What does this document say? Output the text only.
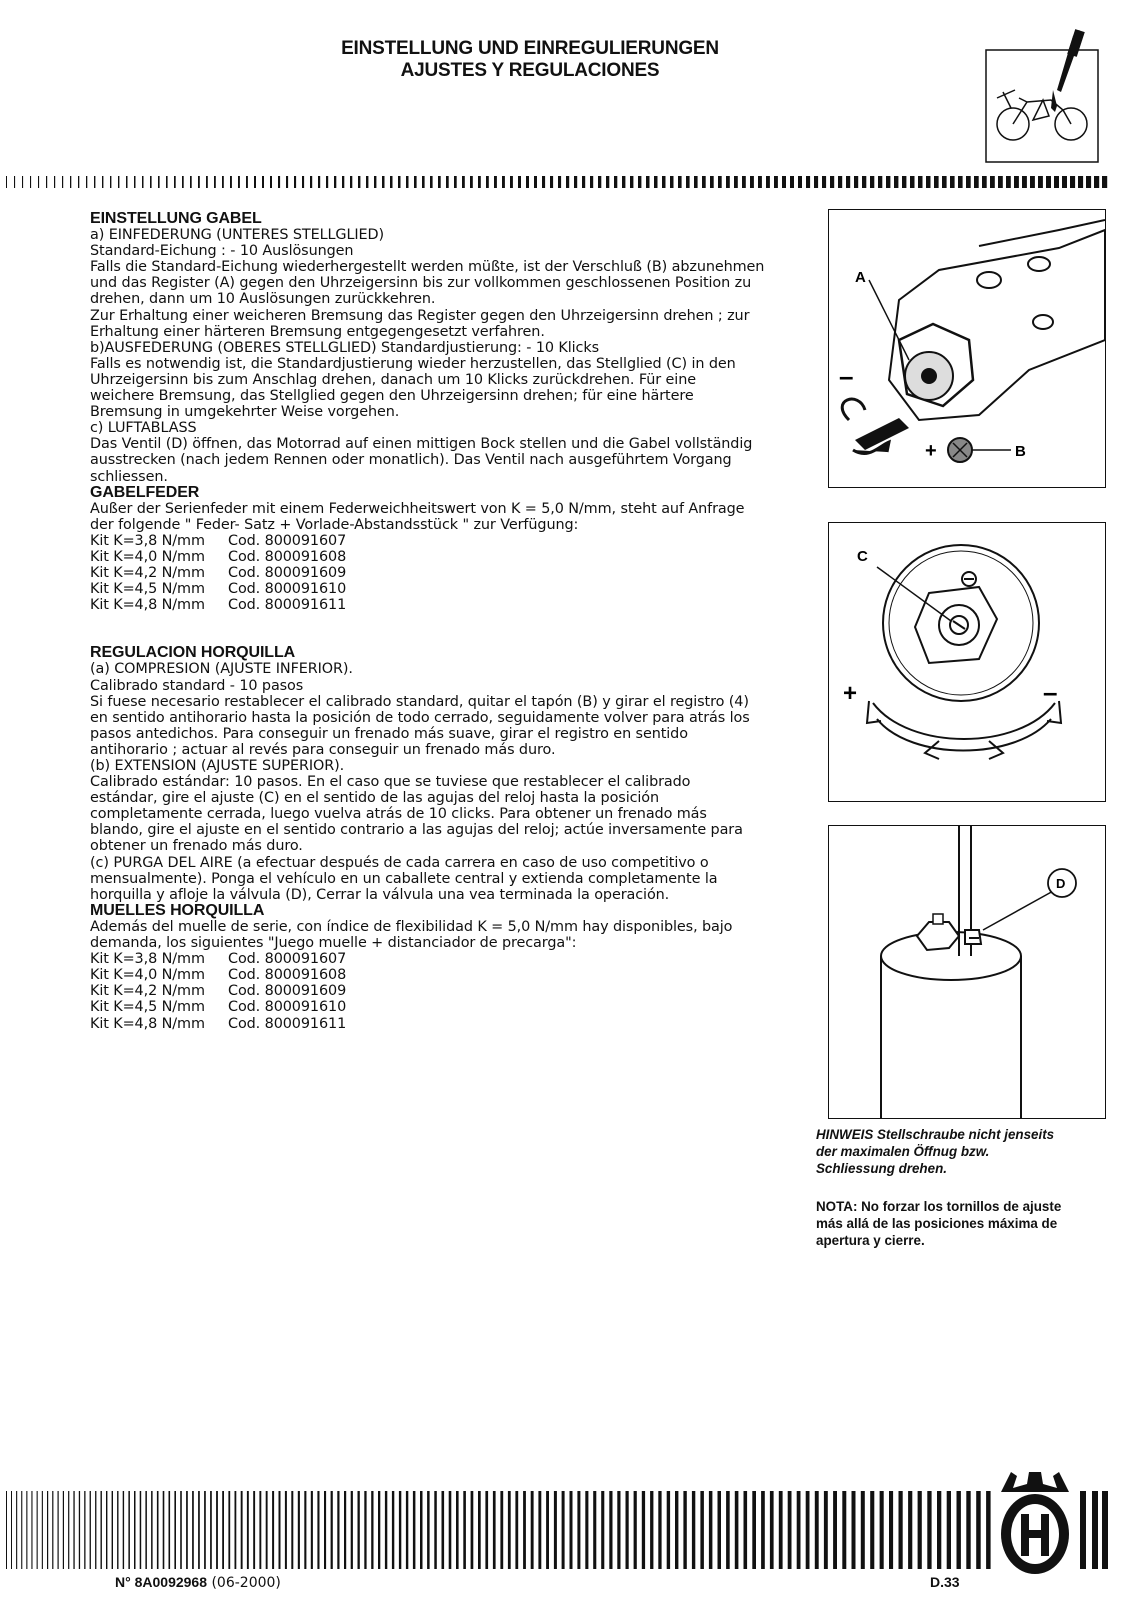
EINSTELLUNG UND EINREGULIERUNGEN
AJUSTES Y REGULACIONES

EINSTELLUNG GABEL

a) EINFEDERUNG (UNTERES STELLGLIED)

Standard-Eichung : - 10 Auslösungen

Falls die Standard-Eichung wiederhergestellt werden müßte, ist der Verschluß (B) abzunehmen

und das Register (A) gegen den Uhrzeigersinn bis zur vollkommen geschlossenen Position zu

drehen, dann um 10 Auslösungen zurückkehren.

Zur Erhaltung einer weicheren Bremsung das Register gegen den Uhrzeigersinn drehen ; zur

Erhaltung einer härteren Bremsung entgegengesetzt verfahren.

b)AUSFEDERUNG (OBERES STELLGLIED) Standardjustierung: - 10 Klicks

Falls es notwendig ist, die Standardjustierung wieder herzustellen, das Stellglied (C) in den

Uhrzeigersinn bis zum Anschlag drehen, danach um 10 Klicks zurückdrehen. Für eine

weichere Bremsung, das Stellglied gegen den Uhrzeigersinn drehen; für eine härtere

Bremsung in umgekehrter Weise vorgehen.

c) LUFTABLASS

Das Ventil (D) öffnen, das Motorrad auf einen mittigen Bock stellen und die Gabel vollständig

ausstrecken (nach jedem Rennen oder monatlich). Das Ventil nach ausgeführtem Vorgang

schliessen.

GABELFEDER

Außer der Serienfeder mit einem Federweichheitswert von K = 5,0 N/mm, steht auf Anfrage

der folgende " Feder- Satz + Vorlade-Abstandsstück " zur Verfügung:

Kit K=3,8 N/mm	Cod. 800091607
Kit K=4,0 N/mm	Cod. 800091608
Kit K=4,2 N/mm	Cod. 800091609
Kit K=4,5 N/mm	Cod. 800091610
Kit K=4,8 N/mm	Cod. 800091611

REGULACION HORQUILLA

(a) COMPRESION (AJUSTE INFERIOR).

Calibrado standard - 10 pasos

Si fuese necesario restablecer el calibrado standard, quitar el tapón (B) y girar el registro (4)

en sentido antihorario hasta la posición de todo cerrado, seguidamente volver para atrás los

pasos antedichos. Para conseguir un frenado más suave, girar el registro en sentido

antihorario ; actuar al revés para conseguir un frenado más duro.

(b) EXTENSION (AJUSTE SUPERIOR).

Calibrado estándar: 10 pasos. En el caso que se tuviese que restablecer el calibrado

estándar, gire el ajuste (C) en el sentido de las agujas del reloj hasta la posición

completamente cerrada, luego vuelva atrás de 10 clicks. Para obtener un frenado más

blando, gire el ajuste en el sentido contrario a las agujas del reloj; actúe inversamente para

obtener un frenado más duro.

(c) PURGA DEL AIRE (a efectuar después de cada carrera en caso de uso competitivo o

mensualmente). Ponga el vehículo en un caballete central y extienda completamente la

horquilla y afloje la válvula (D), Cerrar la válvula una vea terminada la operación.

MUELLES HORQUILLA

Además del muelle de serie, con índice de flexibilidad K = 5,0 N/mm hay disponibles, bajo

demanda, los siguientes "Juego muelle + distanciador de precarga":

Kit K=3,8 N/mm	Cod. 800091607
Kit K=4,0 N/mm	Cod. 800091608
Kit K=4,2 N/mm	Cod. 800091609
Kit K=4,5 N/mm	Cod. 800091610
Kit K=4,8 N/mm	Cod. 800091611
A
–
+	B
C
+	–
D
HINWEIS Stellschraube nicht jenseits
der maximalen Öffnug bzw.
Schliessung drehen.
NOTA: No forzar los tornillos de ajuste
más allá de las posiciones máxima de
apertura y cierre.
N° 8A0092968 (06-2000)	D.33
